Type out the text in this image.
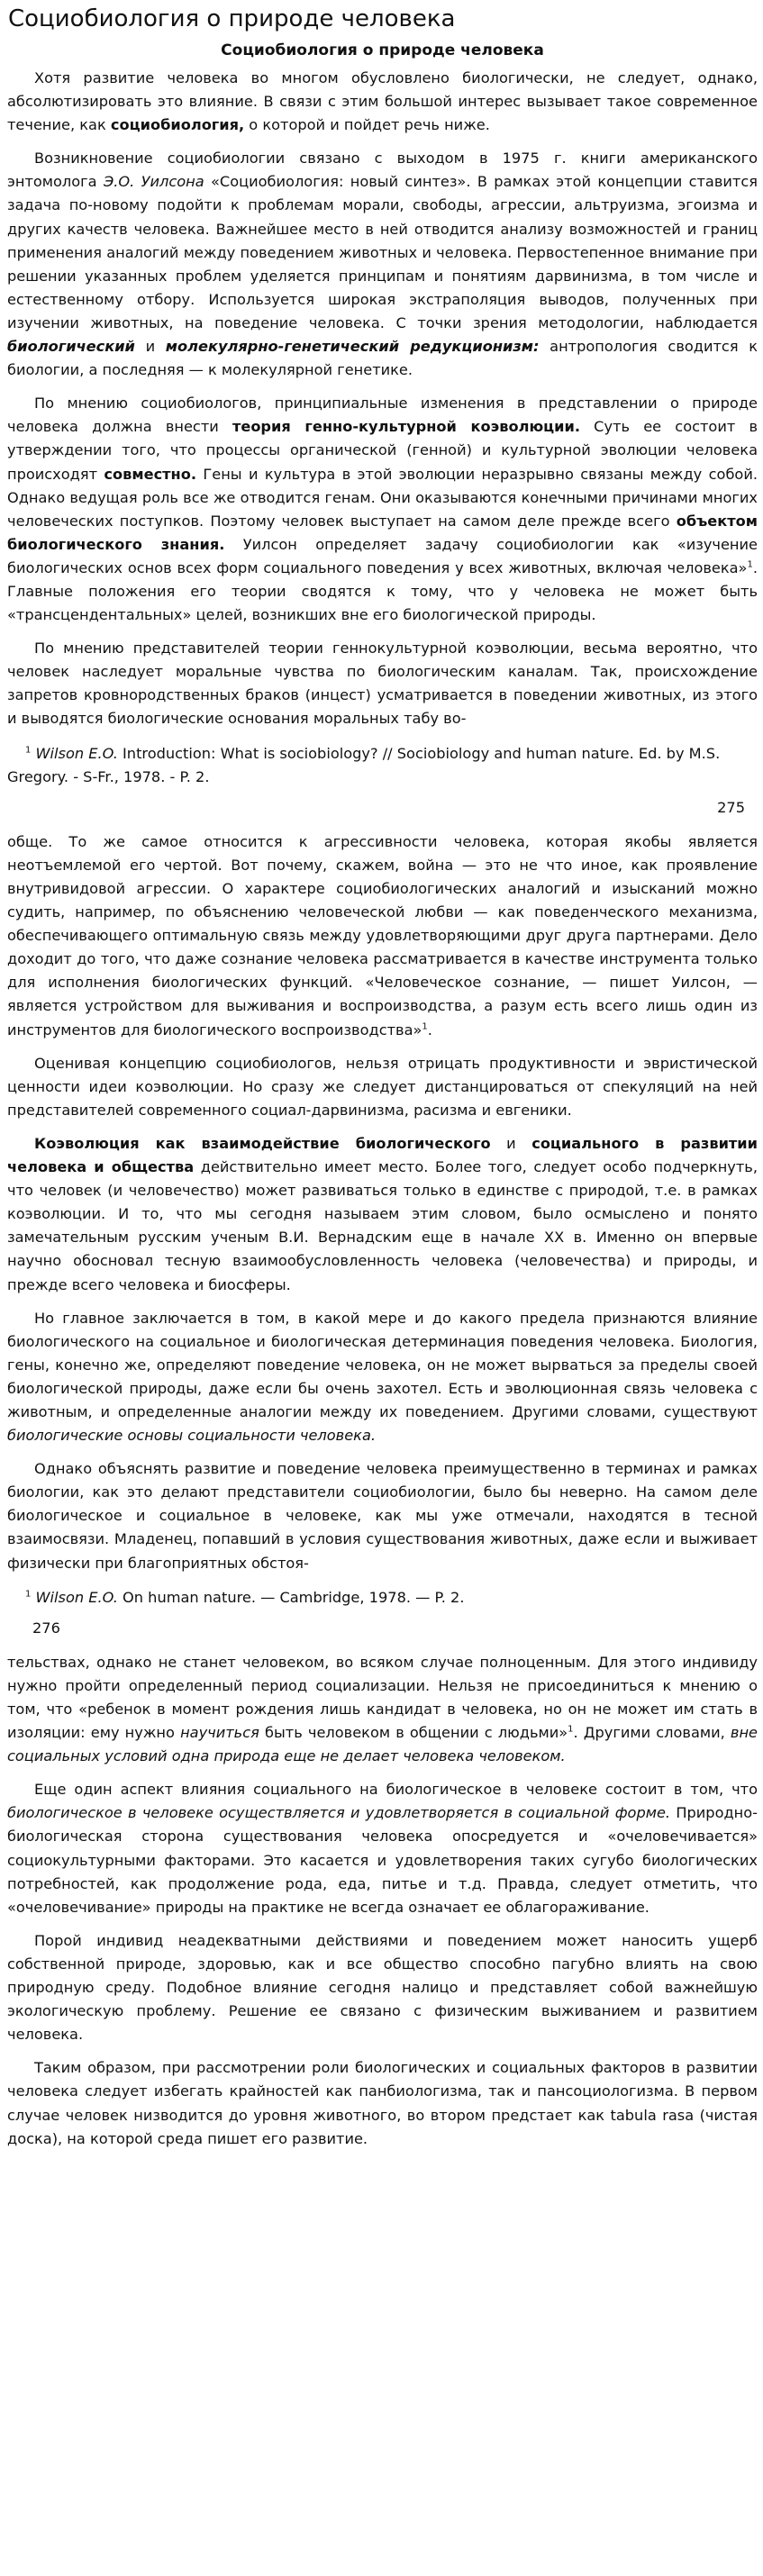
Социобиология о природе человека
Социобиология о природе человека

Хотя развитие человека во многом обусловлено биологически, не следует, однако, абсолютизировать это влияние. В связи с этим большой интерес вызывает такое современное течение, как социобиология, о которой и пойдет речь ниже.

Возникновение социобиологии связано с выходом в 1975 г. книги американского энтомолога Э.О. Уилсона «Социобиология: новый синтез». В рамках этой концепции ставится задача по-новому подойти к проблемам морали, свободы, агрессии, альтруизма, эгоизма и других качеств человека. Важнейшее место в ней отводится анализу возможностей и границ применения аналогий между поведением животных и человека. Первостепенное внимание при решении указанных проблем уделяется принципам и понятиям дарвинизма, в том числе и естественному отбору. Используется широкая экстраполяция выводов, полученных при изучении животных, на поведение человека. С точки зрения методологии, наблюдается биологический и молекулярно-генетический редукционизм: антропология сводится к биологии, а последняя — к молекулярной генетике.

По мнению социобиологов, принципиальные изменения в представлении о природе человека должна внести теория генно-культурной коэволюции. Суть ее состоит в утверждении того, что процессы органической (генной) и культурной эволюции человека происходят совместно. Гены и культура в этой эволюции неразрывно связаны между собой. Однако ведущая роль все же отводится генам. Они оказываются конечными причинами многих человеческих поступков. Поэтому человек выступает на самом деле прежде всего объектом биологического знания. Уилсон определяет задачу социобиологии как «изучение биологических основ всех форм социального поведения у всех животных, включая человека»$^1$. Главные положения его теории сводятся к тому, что у человека не может быть «трансцендентальных» целей, возникших вне его биологической природы.

По мнению представителей теории геннокультурной коэволюции, весьма вероятно, что человек наследует моральные чувства по биологическим каналам. Так, происхождение запретов кровнородственных браков (инцест) усматривается в поведении животных, из этого и выводятся биологические основания моральных табу во-

$^1$ Wilson E.O. Introduction: What is sociobiology? // Sociobiology and human nature. Ed. by M.S. Gregory. - S-Fr., 1978. - P. 2.
275

обще. То же самое относится к агрессивности человека, которая якобы является неотъемлемой его чертой. Вот почему, скажем, война — это не что иное, как проявление внутривидовой агрессии. О характере социобиологических аналогий и изысканий можно судить, например, по объяснению человеческой любви — как поведенческого механизма, обеспечивающего оптимальную связь между удовлетворяющими друг друга партнерами. Дело доходит до того, что даже сознание человека рассматривается в качестве инструмента только для исполнения биологических функций. «Человеческое сознание, — пишет Уилсон, — является устройством для выживания и воспроизводства, а разум есть всего лишь один из инструментов для биологического воспроизводства»$^1$.

Оценивая концепцию социобиологов, нельзя отрицать продуктивности и эвристической ценности идеи коэволюции. Но сразу же следует дистанцироваться от спекуляций на ней представителей современного социал-дарвинизма, расизма и евгеники.

Коэволюция как взаимодействие биологического и социального в развитии человека и общества действительно имеет место. Более того, следует особо подчеркнуть, что человек (и человечество) может развиваться только в единстве с природой, т.е. в рамках коэволюции. И то, что мы сегодня называем этим словом, было осмыслено и понято замечательным русским ученым В.И. Вернадским еще в начале XX в. Именно он впервые научно обосновал тесную взаимообусловленность человека (человечества) и природы, и прежде всего человека и биосферы.

Но главное заключается в том, в какой мере и до какого предела признаются влияние биологического на социальное и биологическая детерминация поведения человека. Биология, гены, конечно же, определяют поведение человека, он не может вырваться за пределы своей биологической природы, даже если бы очень захотел. Есть и эволюционная связь человека с животным, и определенные аналогии между их поведением. Другими словами, существуют биологические основы социальности человека.

Однако объяснять развитие и поведение человека преимущественно в терминах и рамках биологии, как это делают представители социобиологии, было бы неверно. На самом деле биологическое и социальное в человеке, как мы уже отмечали, находятся в тесной взаимосвязи. Младенец, попавший в условия существования животных, даже если и выживает физически при благоприятных обстоя-

$^1$ Wilson E.O. On human nature. — Cambridge, 1978. — P. 2.
276

тельствах, однако не станет человеком, во всяком случае полноценным. Для этого индивиду нужно пройти определенный период социализации. Нельзя не присоединиться к мнению о том, что «ребенок в момент рождения лишь кандидат в человека, но он не может им стать в изоляции: ему нужно научиться быть человеком в общении с людьми»$^1$. Другими словами, вне социальных условий одна природа еще не делает человека человеком.

Еще один аспект влияния социального на биологическое в человеке состоит в том, что биологическое в человеке осуществляется и удовлетворяется в социальной форме. Природно-биологическая сторона существования человека опосредуется и «очеловечивается» социокультурными факторами. Это касается и удовлетворения таких сугубо биологических потребностей, как продолжение рода, еда, питье и т.д. Правда, следует отметить, что «очеловечивание» природы на практике не всегда означает ее облагораживание.

Порой индивид неадекватными действиями и поведением может наносить ущерб собственной природе, здоровью, как и все общество способно пагубно влиять на свою природную среду. Подобное влияние сегодня налицо и представляет собой важнейшую экологическую проблему. Решение ее связано с физическим выживанием и развитием человека.

Таким образом, при рассмотрении роли биологических и социальных факторов в развитии человека следует избегать крайностей как панбиологизма, так и пансоциологизма. В первом случае человек низводится до уровня животного, во втором предстает как tabula rasa (чистая доска), на которой среда пишет его развитие.
